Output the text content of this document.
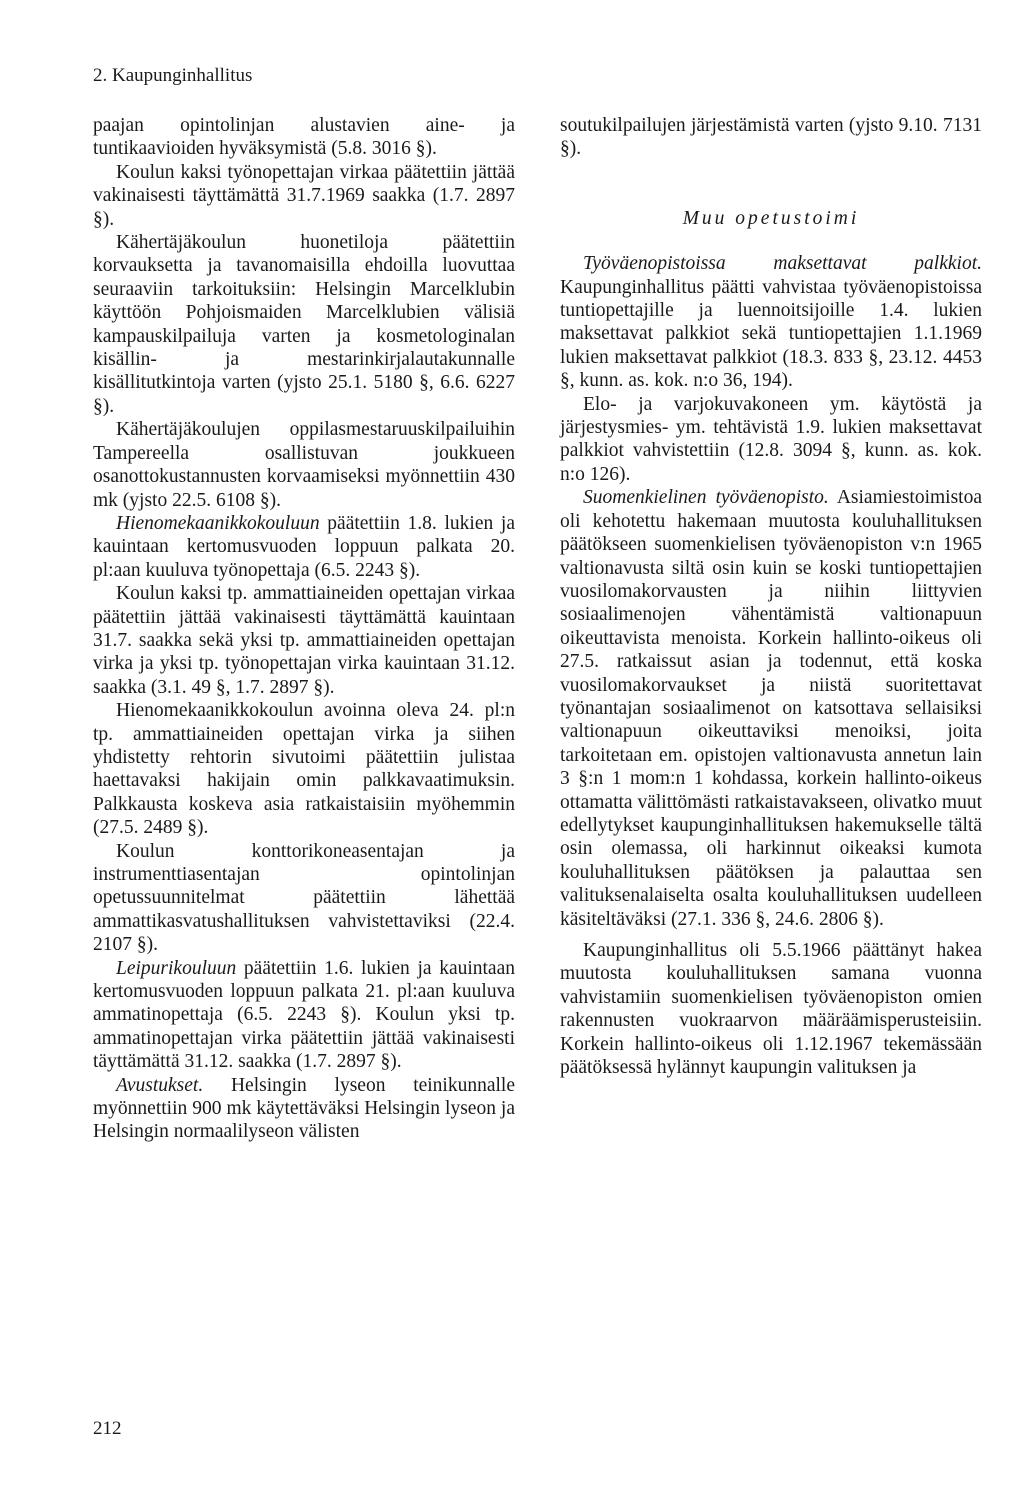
2. Kaupunginhallitus

paajan opintolinjan alustavien aine- ja tuntikaavioiden hyväksymistä (5.8. 3016 §).

Koulun kaksi työnopettajan virkaa päätettiin jättää vakinaisesti täyttämättä 31.7.1969 saakka (1.7. 2897 §).

Kähertäjäkoulun huonetiloja päätettiin korvauksetta ja tavanomaisilla ehdoilla luovuttaa seuraaviin tarkoituksiin: Helsingin Marcelklubin käyttöön Pohjoismaiden Marcelklubien välisiä kampauskilpailuja varten ja kosmetologinalan kisällin- ja mestarinkirjalautakunnalle kisällitutkintoja varten (yjsto 25.1. 5180 §, 6.6. 6227 §).

Kähertäjäkoulujen oppilasmestaruuskilpailuihin Tampereella osallistuvan joukkueen osanottokustannusten korvaamiseksi myönnettiin 430 mk (yjsto 22.5. 6108 §).

Hienomekaanikkokouluun päätettiin 1.8. lukien ja kauintaan kertomusvuoden loppuun palkata 20. pl:aan kuuluva työnopettaja (6.5. 2243 §).

Koulun kaksi tp. ammattiaineiden opettajan virkaa päätettiin jättää vakinaisesti täyttämättä kauintaan 31.7. saakka sekä yksi tp. ammattiaineiden opettajan virka ja yksi tp. työnopettajan virka kauintaan 31.12. saakka (3.1. 49 §, 1.7. 2897 §).

Hienomekaanikkokoulun avoinna oleva 24. pl:n tp. ammattiaineiden opettajan virka ja siihen yhdistetty rehtorin sivutoimi päätettiin julistaa haettavaksi hakijain omin palkkavaatimuksin. Palkkausta koskeva asia ratkaistaisiin myöhemmin (27.5. 2489 §).

Koulun konttorikoneasentajan ja instrumenttiasentajan opintolinjan opetussuunnitelmat päätettiin lähettää ammattikasvatushallituksen vahvistettaviksi (22.4. 2107 §).

Leipurikouluun päätettiin 1.6. lukien ja kauintaan kertomusvuoden loppuun palkata 21. pl:aan kuuluva ammatinopettaja (6.5. 2243 §). Koulun yksi tp. ammatinopettajan virka päätettiin jättää vakinaisesti täyttämättä 31.12. saakka (1.7. 2897 §).

Avustukset. Helsingin lyseon teinikunnalle myönnettiin 900 mk käytettäväksi Helsingin lyseon ja Helsingin normaalilyseon välisten

soutukilpailujen järjestämistä varten (yjsto 9.10. 7131 §).

Muu opetustoimi

Työväenopistoissa maksettavat palkkiot. Kaupunginhallitus päätti vahvistaa työväenopistoissa tuntiopettajille ja luennoitsijoille 1.4. lukien maksettavat palkkiot sekä tuntiopettajien 1.1.1969 lukien maksettavat palkkiot (18.3. 833 §, 23.12. 4453 §, kunn. as. kok. n:o 36, 194).

Elo- ja varjokuvakoneen ym. käytöstä ja järjestysmies- ym. tehtävistä 1.9. lukien maksettavat palkkiot vahvistettiin (12.8. 3094 §, kunn. as. kok. n:o 126).

Suomenkielinen työväenopisto. Asiamiestoimistoa oli kehotettu hakemaan muutosta kouluhallituksen päätökseen suomenkielisen työväenopiston v:n 1965 valtionavusta siltä osin kuin se koski tuntiopettajien vuosilomakorvausten ja niihin liittyvien sosiaalimenojen vähentämistä valtionapuun oikeuttavista menoista. Korkein hallinto-oikeus oli 27.5. ratkaissut asian ja todennut, että koska vuosilomakorvaukset ja niistä suoritettavat työnantajan sosiaalimenot on katsottava sellaisiksi valtionapuun oikeuttaviksi menoiksi, joita tarkoitetaan em. opistojen valtionavusta annetun lain 3 §:n 1 mom:n 1 kohdassa, korkein hallinto-oikeus ottamatta välittömästi ratkaistavakseen, olivatko muut edellytykset kaupunginhallituksen hakemukselle tältä osin olemassa, oli harkinnut oikeaksi kumota kouluhallituksen päätöksen ja palauttaa sen valituksenalaiselta osalta kouluhallituksen uudelleen käsiteltäväksi (27.1. 336 §, 24.6. 2806 §).

Kaupunginhallitus oli 5.5.1966 päättänyt hakea muutosta kouluhallituksen samana vuonna vahvistamiin suomenkielisen työväenopiston omien rakennusten vuokraarvon määräämisperusteisiin. Korkein hallinto-oikeus oli 1.12.1967 tekemässään päätöksessä hylännyt kaupungin valituksen ja

212
